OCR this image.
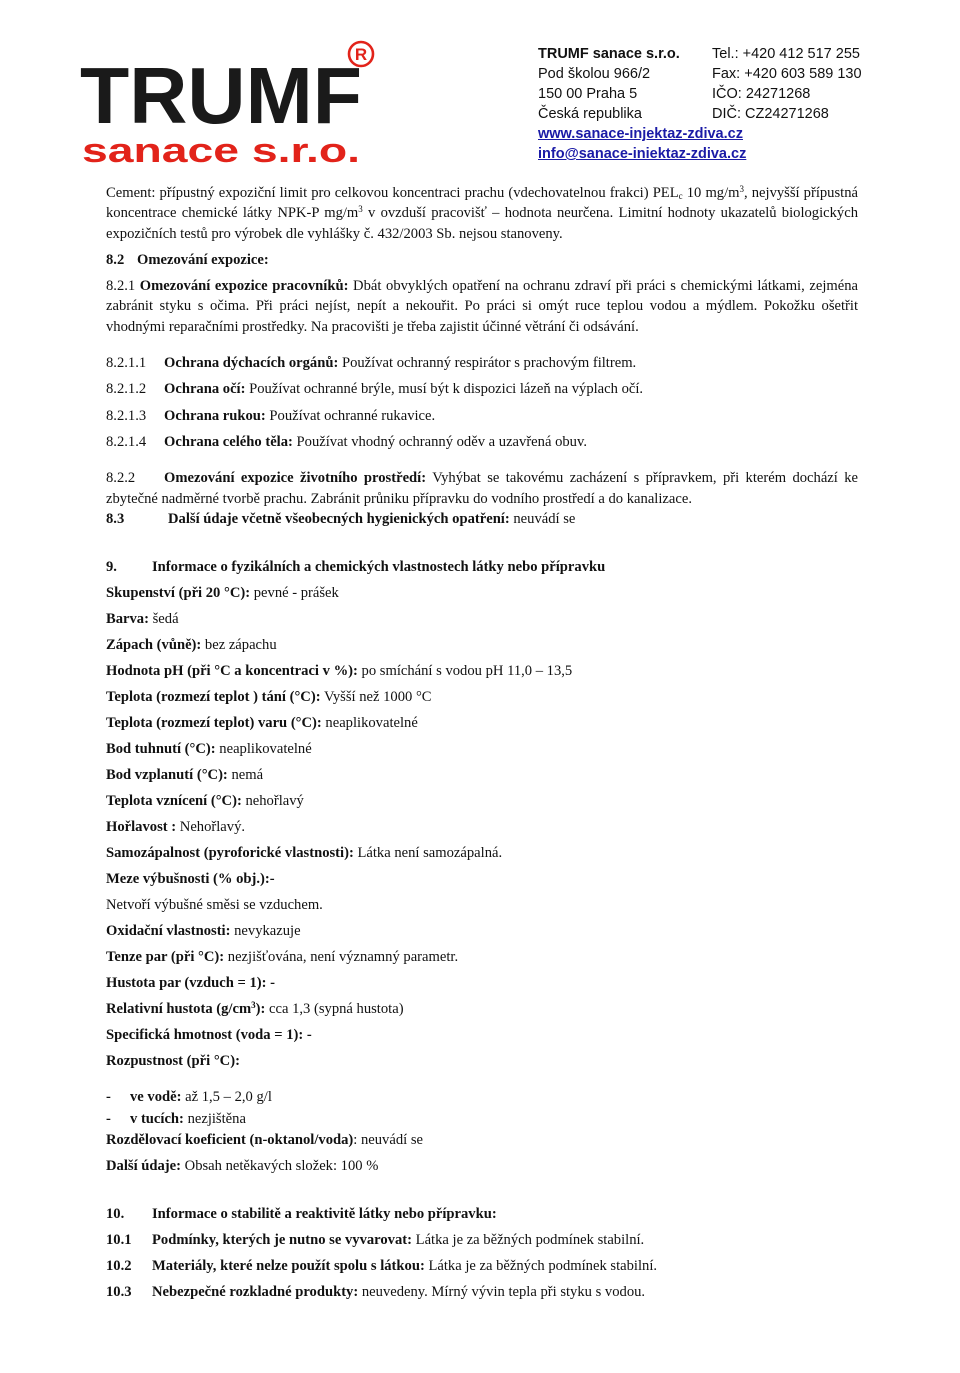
TRUMF
sanace s.r.o.
R	TRUMF sanace s.r.o.
Pod školou 966/2
150 00 Praha 5
Česká republika
www.sanace-injektaz-zdiva.cz
info@sanace-iniektaz-zdiva.cz
Tel.: +420 412 517 255
Fax: +420 603 589 130
IČO: 24271268
DIČ: CZ24271268

Cement: přípustný expoziční limit pro celkovou koncentraci prachu (vdechovatelnou frakci) $PEL_c$ 10 $mg/m^3$, nejvyšší přípustná koncentrace chemické látky NPK-P $mg/m^3$ v ovzduší pracovišť – hodnota neurčena. Limitní hodnoty ukazatelů biologických expozičních testů pro výrobek dle vyhlášky č. 432/2003 Sb. nejsou stanoveny.

8.2 Omezování expozice:

8.2.1 Omezování expozice pracovníků: Dbát obvyklých opatření na ochranu zdraví při práci s chemickými látkami, zejména zabránit styku s očima. Při práci nejíst, nepít a nekouřit. Po práci si omýt ruce teplou vodou a mýdlem. Pokožku ošetřit vhodnými reparačními prostředky. Na pracovišti je třeba zajistit účinné větrání či odsávání.

8.2.1.1	Ochrana dýchacích orgánů: Používat ochranný respirátor s prachovým filtrem.

8.2.1.2	Ochrana očí: Používat ochranné brýle, musí být k dispozici lázeň na výplach očí.

8.2.1.3	Ochrana rukou: Používat ochranné rukavice.

8.2.1.4	Ochrana celého těla: Používat vhodný ochranný oděv a uzavřená obuv.

8.2.2 Omezování expozice životního prostředí: Vyhýbat se takovému zacházení s přípravkem, při kterém dochází ke zbytečné nadměrné tvorbě prachu. Zabránit průniku přípravku do vodního prostředí a do kanalizace.

8.3	Další údaje včetně všeobecných hygienických opatření: neuvádí se

9.	Informace o fyzikálních a chemických vlastnostech látky nebo přípravku

Skupenství (při 20 °C): pevné - prášek

Barva: šedá

Zápach (vůně): bez zápachu

Hodnota pH (při °C a koncentraci v %): po smíchání s vodou pH 11,0 – 13,5

Teplota (rozmezí teplot ) tání (°C): Vyšší než 1000 °C

Teplota (rozmezí teplot) varu (°C): neaplikovatelné

Bod tuhnutí (°C): neaplikovatelné

Bod vzplanutí (°C): nemá

Teplota vznícení (°C): nehořlavý

Hořlavost : Nehořlavý.

Samozápalnost (pyroforické vlastnosti): Látka není samozápalná.

Meze výbušnosti (% obj.):-

Netvoří výbušné směsi se vzduchem.

Oxidační vlastnosti: nevykazuje

Tenze par (při °C): nezjišťována, není významný parametr.

Hustota par (vzduch = 1): -

Relativní hustota $(g/cm^3)$: cca 1,3 (sypná hustota)

Specifická hmotnost (voda = 1): -

Rozpustnost (při °C):

-	ve vodě: až 1,5 – 2,0 g/l

-	v tucích: nezjištěna

Rozdělovací koeficient (n-oktanol/voda): neuvádí se

Další údaje: Obsah netěkavých složek: 100 %

10.	Informace o stabilitě a reaktivitě látky nebo přípravku:

10.1	Podmínky, kterých je nutno se vyvarovat: Látka je za běžných podmínek stabilní.

10.2	Materiály, které nelze použít spolu s látkou: Látka je za běžných podmínek stabilní.

10.3	Nebezpečné rozkladné produkty: neuvedeny. Mírný vývin tepla při styku s vodou.
